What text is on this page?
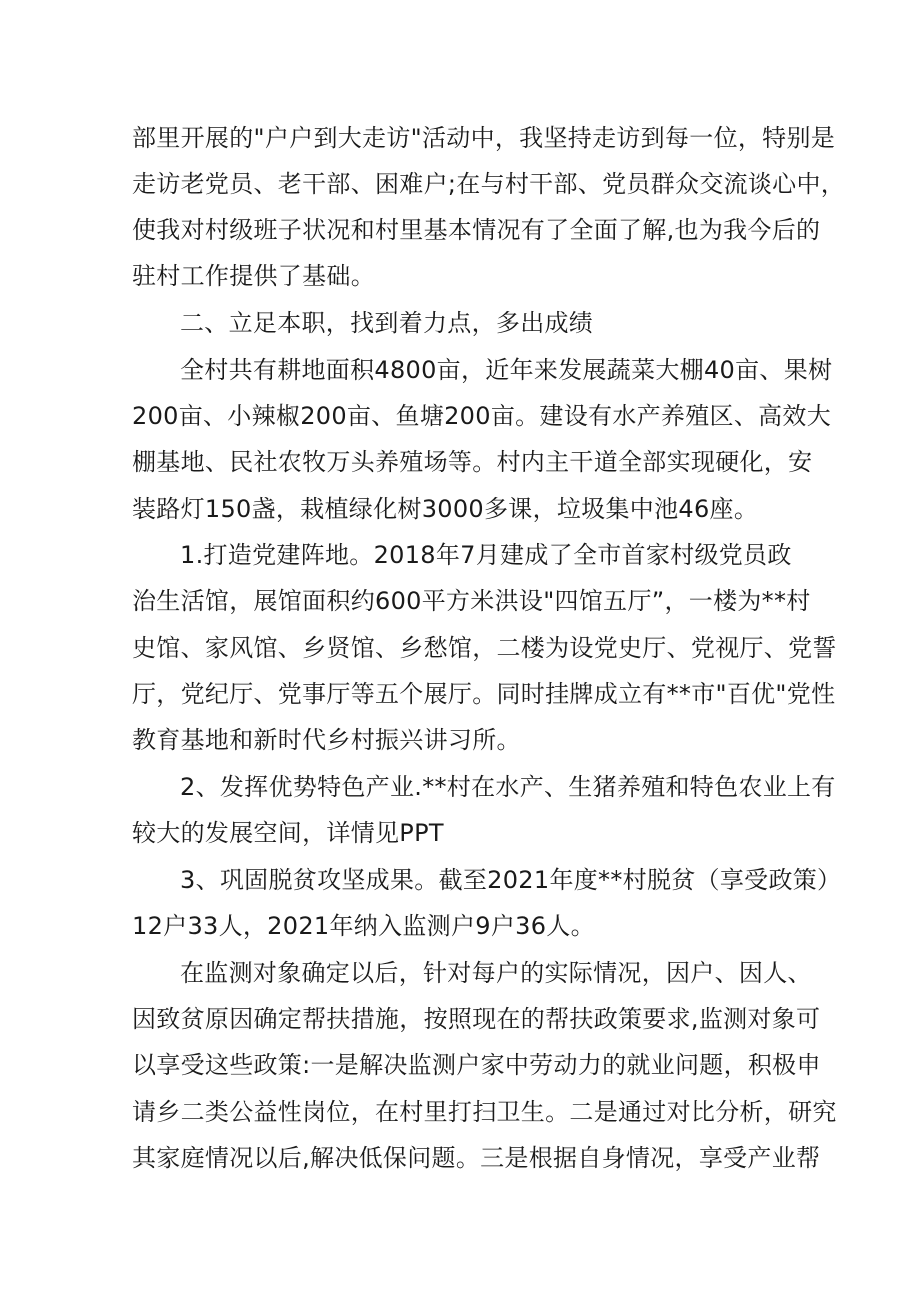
部里开展的"户户到大走访"活动中，我坚持走访到每一位，特别是
走访老党员、老干部、困难户;在与村干部、党员群众交流谈心中，
使我对村级班子状况和村里基本情况有了全面了解,也为我今后的
驻村工作提供了基础。
二、立足本职，找到着力点，多出成绩
全村共有耕地面积4800亩，近年来发展蔬菜大棚40亩、果树
200亩、小辣椒200亩、鱼塘200亩。建设有水产养殖区、高效大
棚基地、民社农牧万头养殖场等。村内主干道全部实现硬化，安
装路灯150盏，栽植绿化树3000多课，垃圾集中池46座。
1.打造党建阵地。2018年7月建成了全市首家村级党员政
治生活馆，展馆面积约600平方米洪设"四馆五厅”，一楼为**村
史馆、家风馆、乡贤馆、乡愁馆，二楼为设党史厅、党视厅、党誓
厅，党纪厅、党事厅等五个展厅。同时挂牌成立有**市"百优"党性
教育基地和新时代乡村振兴讲习所。
2、发挥优势特色产业.**村在水产、生猪养殖和特色农业上有
较大的发展空间，详情见PPT
3、巩固脱贫攻坚成果。截至2021年度**村脱贫（享受政策）
12户33人，2021年纳入监测户9户36人。
在监测对象确定以后，针对每户的实际情况，因户、因人、
因致贫原因确定帮扶措施，按照现在的帮扶政策要求,监测对象可
以享受这些政策:一是解决监测户家中劳动力的就业问题，积极申
请乡二类公益性岗位，在村里打扫卫生。二是通过对比分析，研究
其家庭情况以后,解决低保问题。三是根据自身情况，享受产业帮
